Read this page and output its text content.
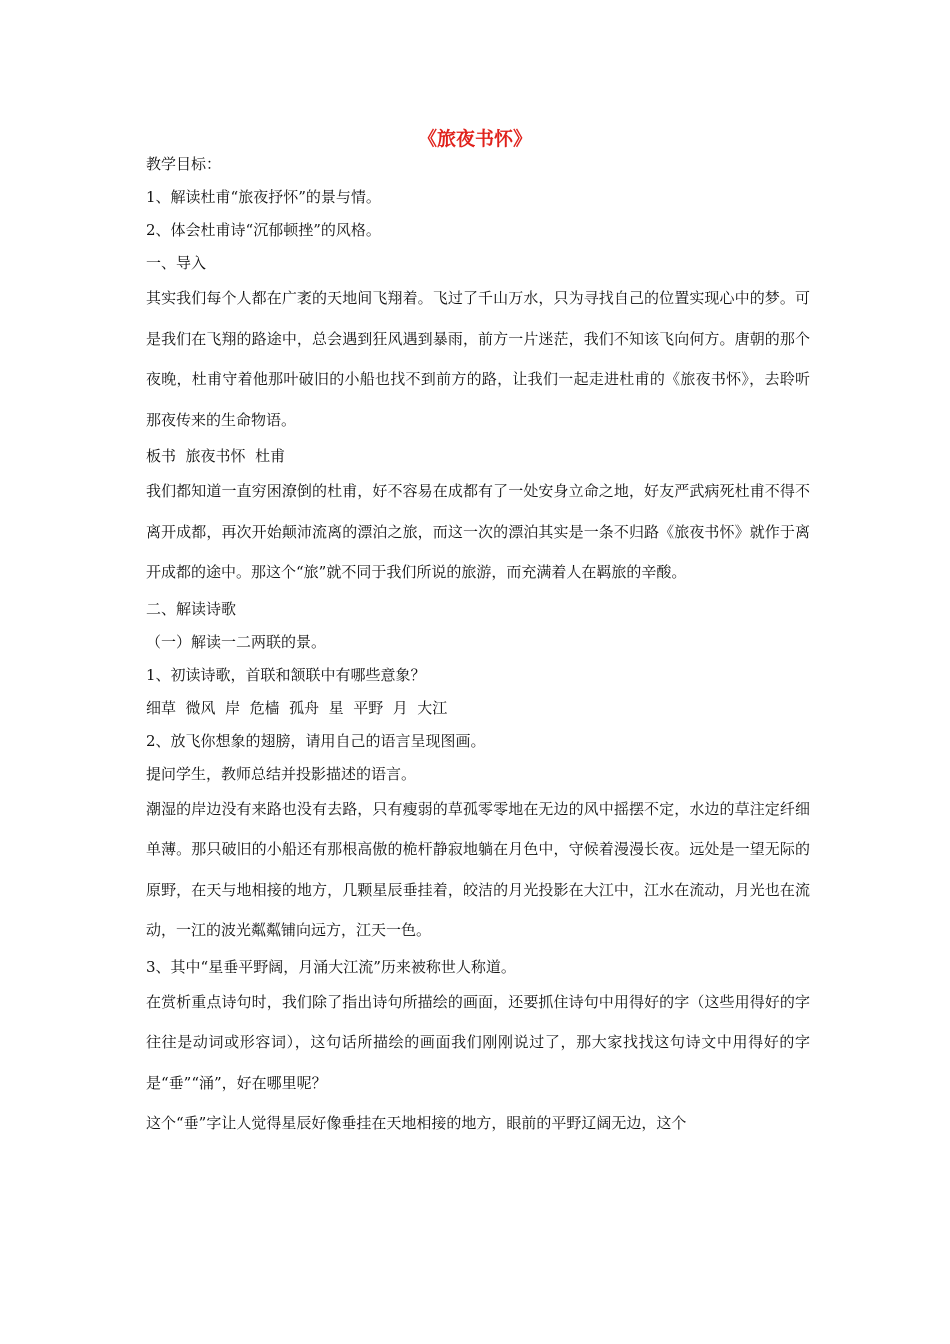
《旅夜书怀》
教学目标：
1、解读杜甫“旅夜抒怀”的景与情。
2、体会杜甫诗“沉郁顿挫”的风格。
一、导入
其实我们每个人都在广袤的天地间飞翔着。飞过了千山万水，只为寻找自己的位置实现心中的梦。可是我们在飞翔的路途中，总会遇到狂风遇到暴雨，前方一片迷茫，我们不知该飞向何方。唐朝的那个夜晚，杜甫守着他那叶破旧的小船也找不到前方的路，让我们一起走进杜甫的《旅夜书怀》，去聆听那夜传来的生命物语。
板书  旅夜书怀  杜甫
我们都知道一直穷困潦倒的杜甫，好不容易在成都有了一处安身立命之地，好友严武病死杜甫不得不离开成都，再次开始颠沛流离的漂泊之旅，而这一次的漂泊其实是一条不归路《旅夜书怀》就作于离开成都的途中。那这个“旅”就不同于我们所说的旅游，而充满着人在羁旅的辛酸。
二、解读诗歌
（一）解读一二两联的景。
1、初读诗歌，首联和颔联中有哪些意象？
细草  微风  岸  危樯  孤舟  星  平野  月  大江
2、放飞你想象的翅膀，请用自己的语言呈现图画。
提问学生，教师总结并投影描述的语言。
潮湿的岸边没有来路也没有去路，只有瘦弱的草孤零零地在无边的风中摇摆不定，水边的草注定纤细单薄。那只破旧的小船还有那根高傲的桅杆静寂地躺在月色中，守候着漫漫长夜。远处是一望无际的原野，在天与地相接的地方，几颗星辰垂挂着，皎洁的月光投影在大江中，江水在流动，月光也在流动，一江的波光粼粼铺向远方，江天一色。
3、其中“星垂平野阔，月涌大江流”历来被称世人称道。
在赏析重点诗句时，我们除了指出诗句所描绘的画面，还要抓住诗句中用得好的字（这些用得好的字往往是动词或形容词），这句话所描绘的画面我们刚刚说过了，那大家找找这句诗文中用得好的字是“垂”“涌”，好在哪里呢？
这个“垂”字让人觉得星辰好像垂挂在天地相接的地方，眼前的平野辽阔无边，这个
